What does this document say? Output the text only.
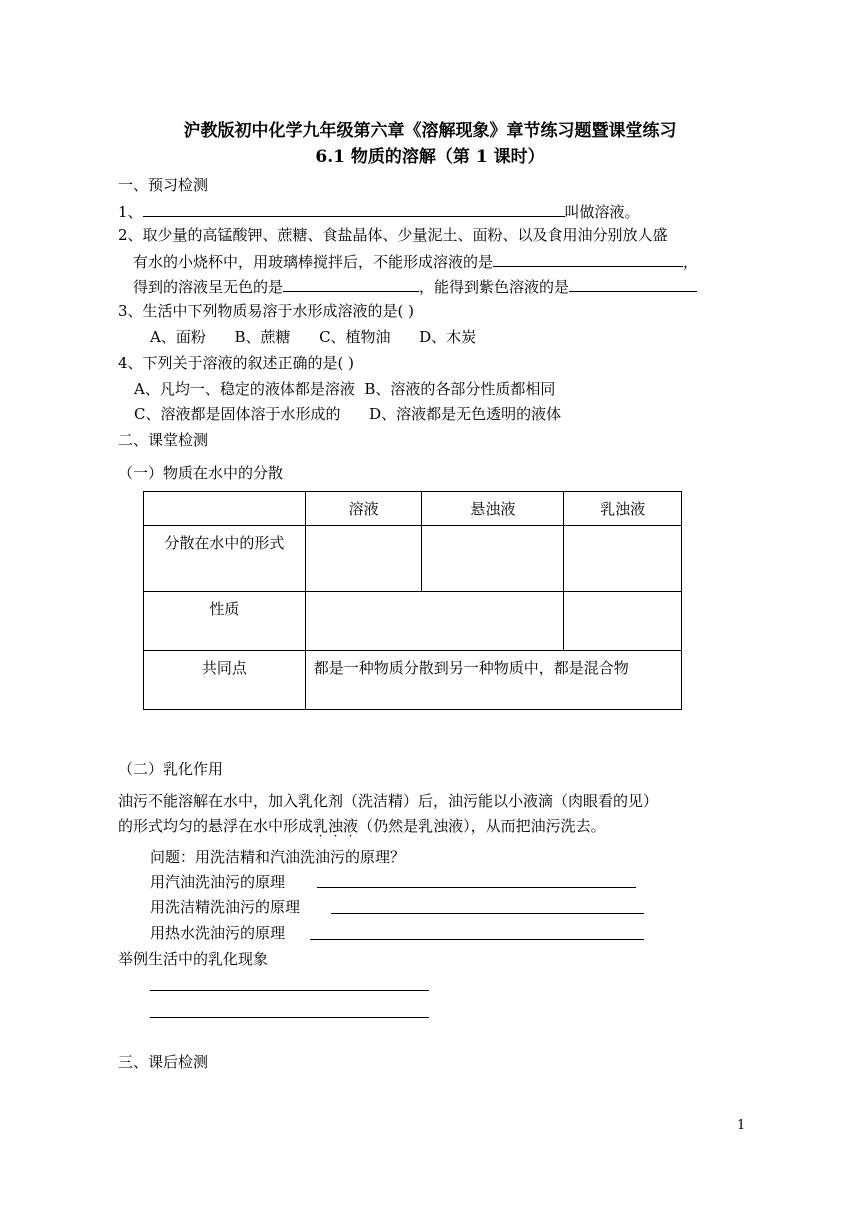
沪教版初中化学九年级第六章《溶解现象》章节练习题暨课堂练习
6.1 物质的溶解（第 1 课时）
一、预习检测
1、	叫做溶液。
2、取少量的高锰酸钾、蔗糖、食盐晶体、少量泥土、面粉、以及食用油分别放人盛
有水的小烧杯中，用玻璃棒搅拌后，不能形成溶液的是	，
得到的溶液呈无色的是	，能得到紫色溶液的是
3、生活中下列物质易溶于水形成溶液的是( )
A、面粉      B、蔗糖      C、植物油      D、木炭
4、下列关于溶液的叙述正确的是( )
A、凡均一、稳定的液体都是溶液  B、溶液的各部分性质都相同
C、溶液都是固体溶于水形成的      D、溶液都是无色透明的液体
二、课堂检测
（一）物质在水中的分散
	溶液	悬浊液	乳浊液
分散在水中的形式			
性质			
共同点	都是一种物质分散到另一种物质中，都是混合物		
（二）乳化作用
油污不能溶解在水中，加入乳化剂（洗洁精）后，油污能以小液滴（肉眼看的见）
的形式均匀的悬浮在水中形成乳浊液（仍然是乳浊液），从而把油污洗去。
问题：用洗洁精和汽油洗油污的原理？
用汽油洗油污的原理
用洗洁精洗油污的原理
用热水洗油污的原理
举例生活中的乳化现象
三、课后检测
1
